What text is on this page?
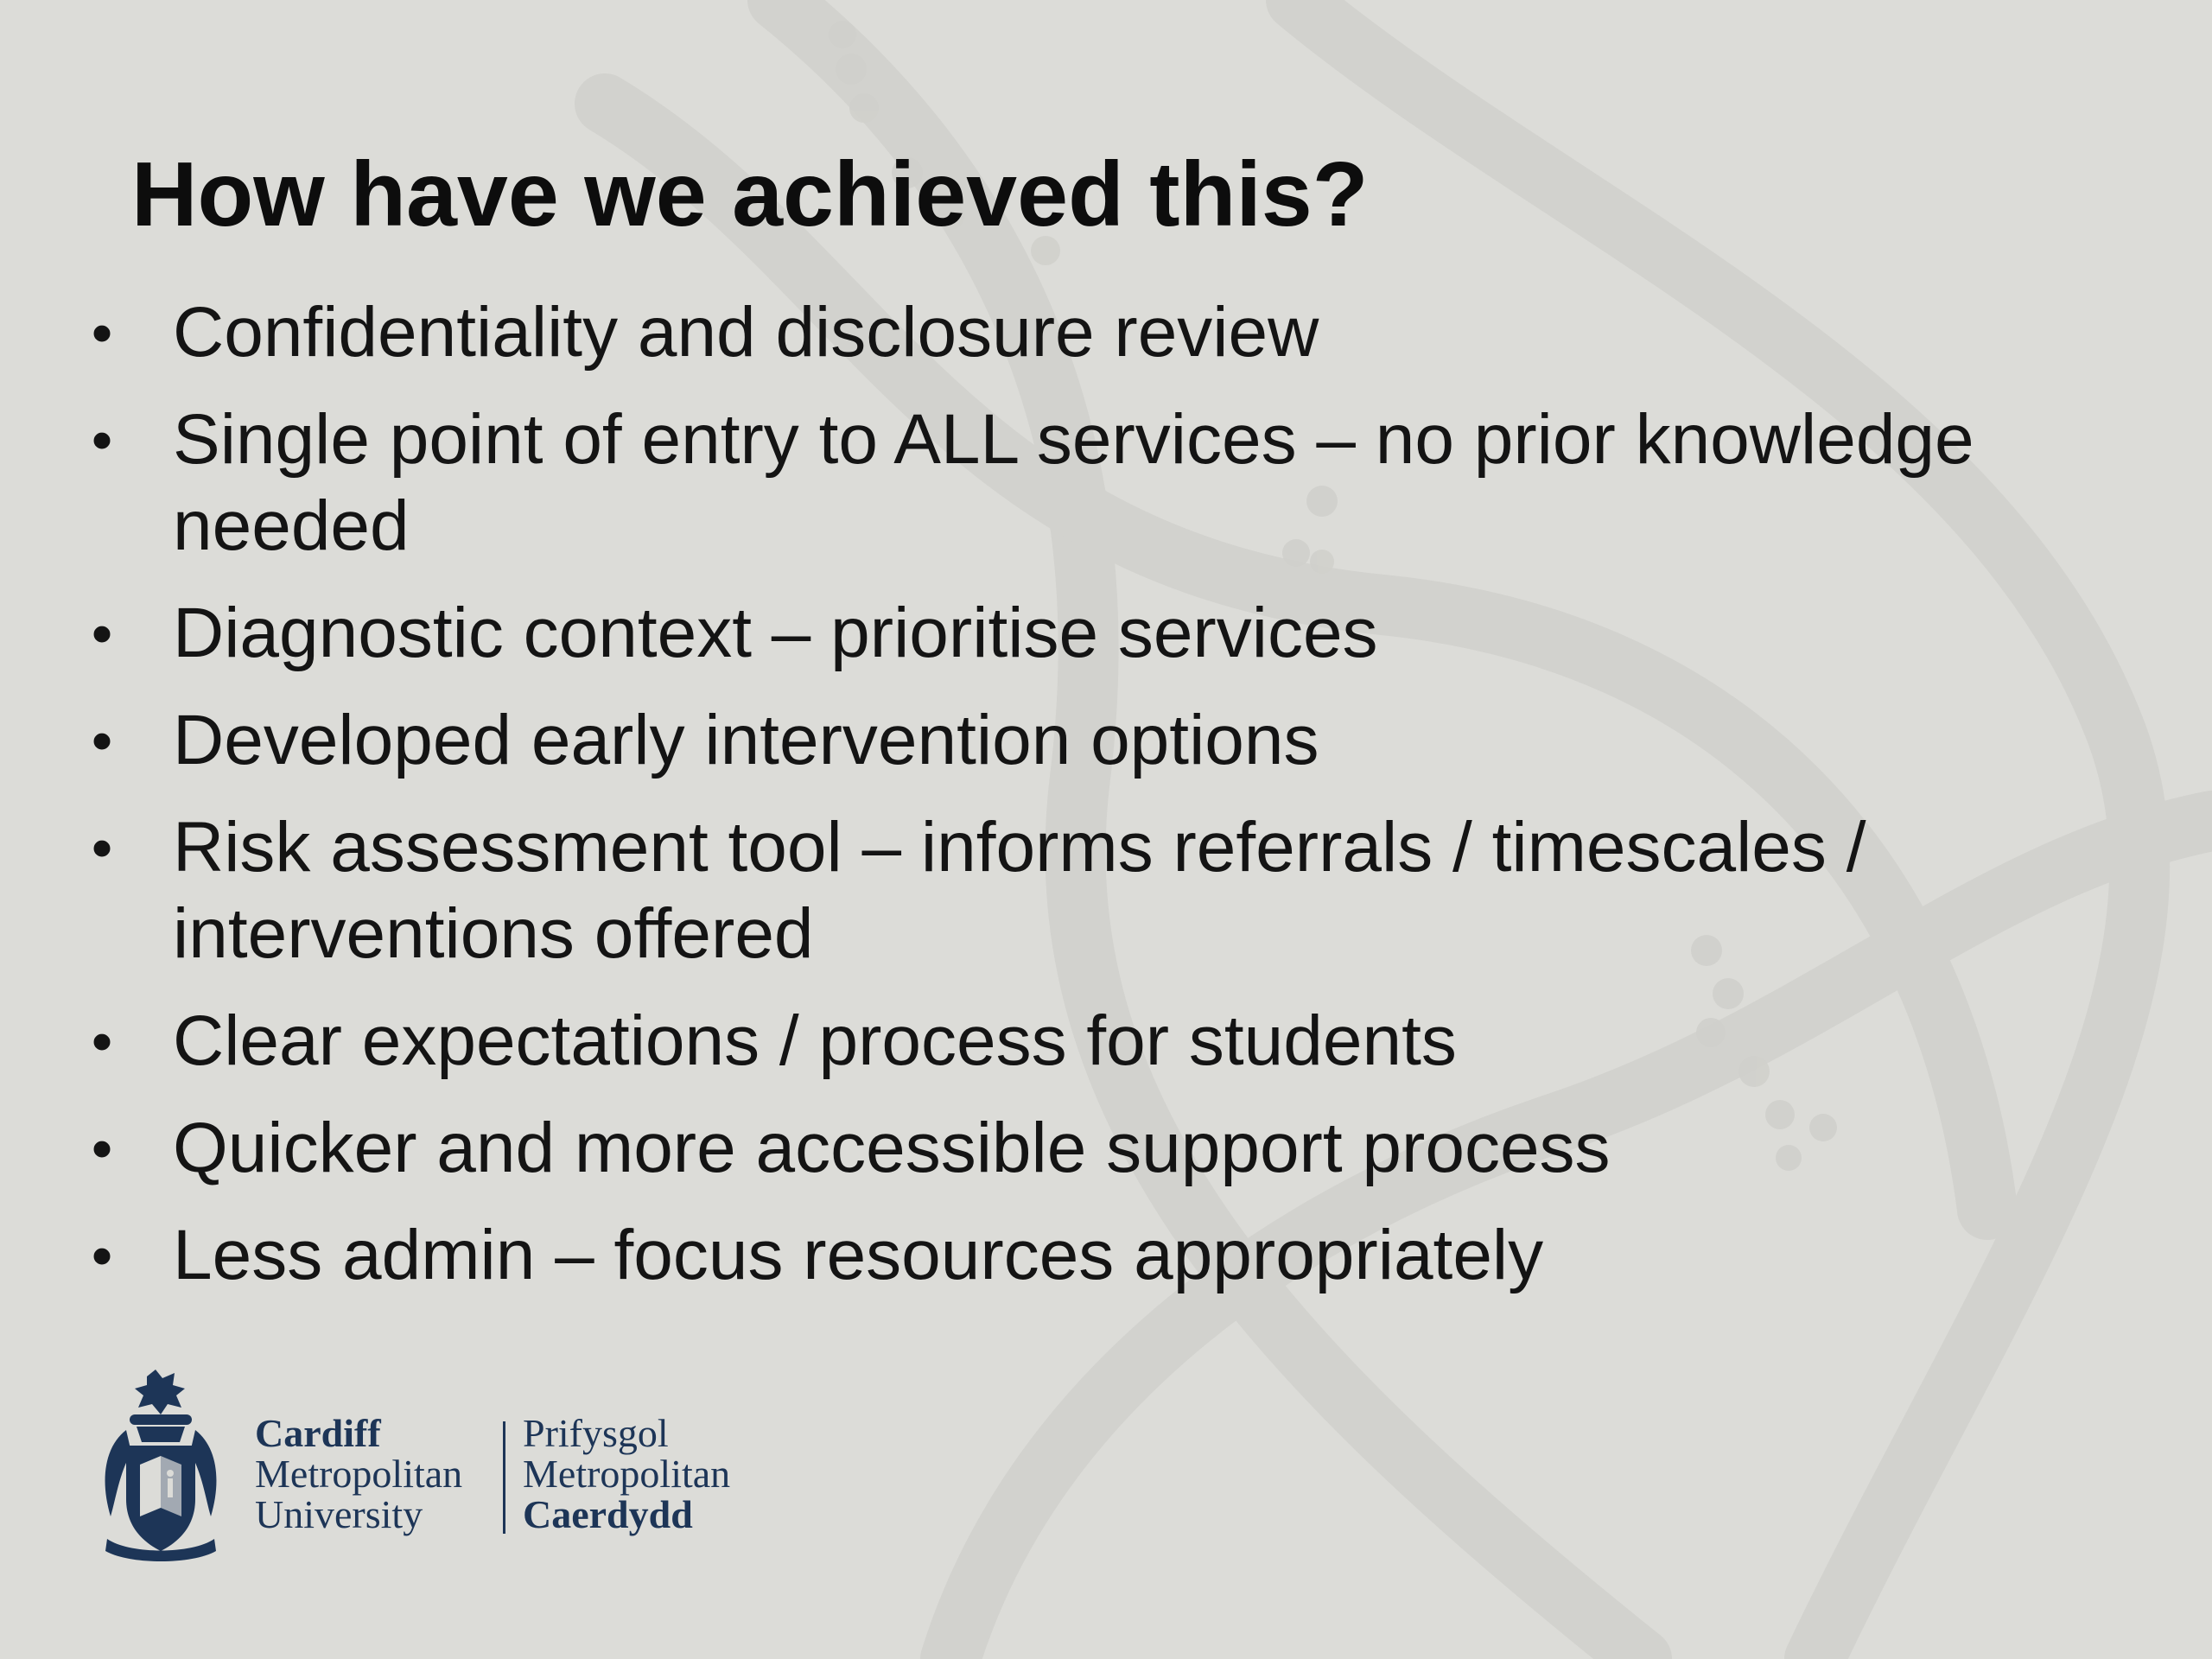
How have we achieved this?
• Confidentiality and disclosure review
• Single point of entry to ALL services – no prior knowledge needed
• Diagnostic context – prioritise services
• Developed early intervention options
• Risk assessment tool – informs referrals / timescales / interventions offered
• Clear expectations / process for students
• Quicker and more accessible support process
• Less admin – focus resources appropriately
Cardiff
Metropolitan
University
Prifysgol
Metropolitan
Caerdydd
